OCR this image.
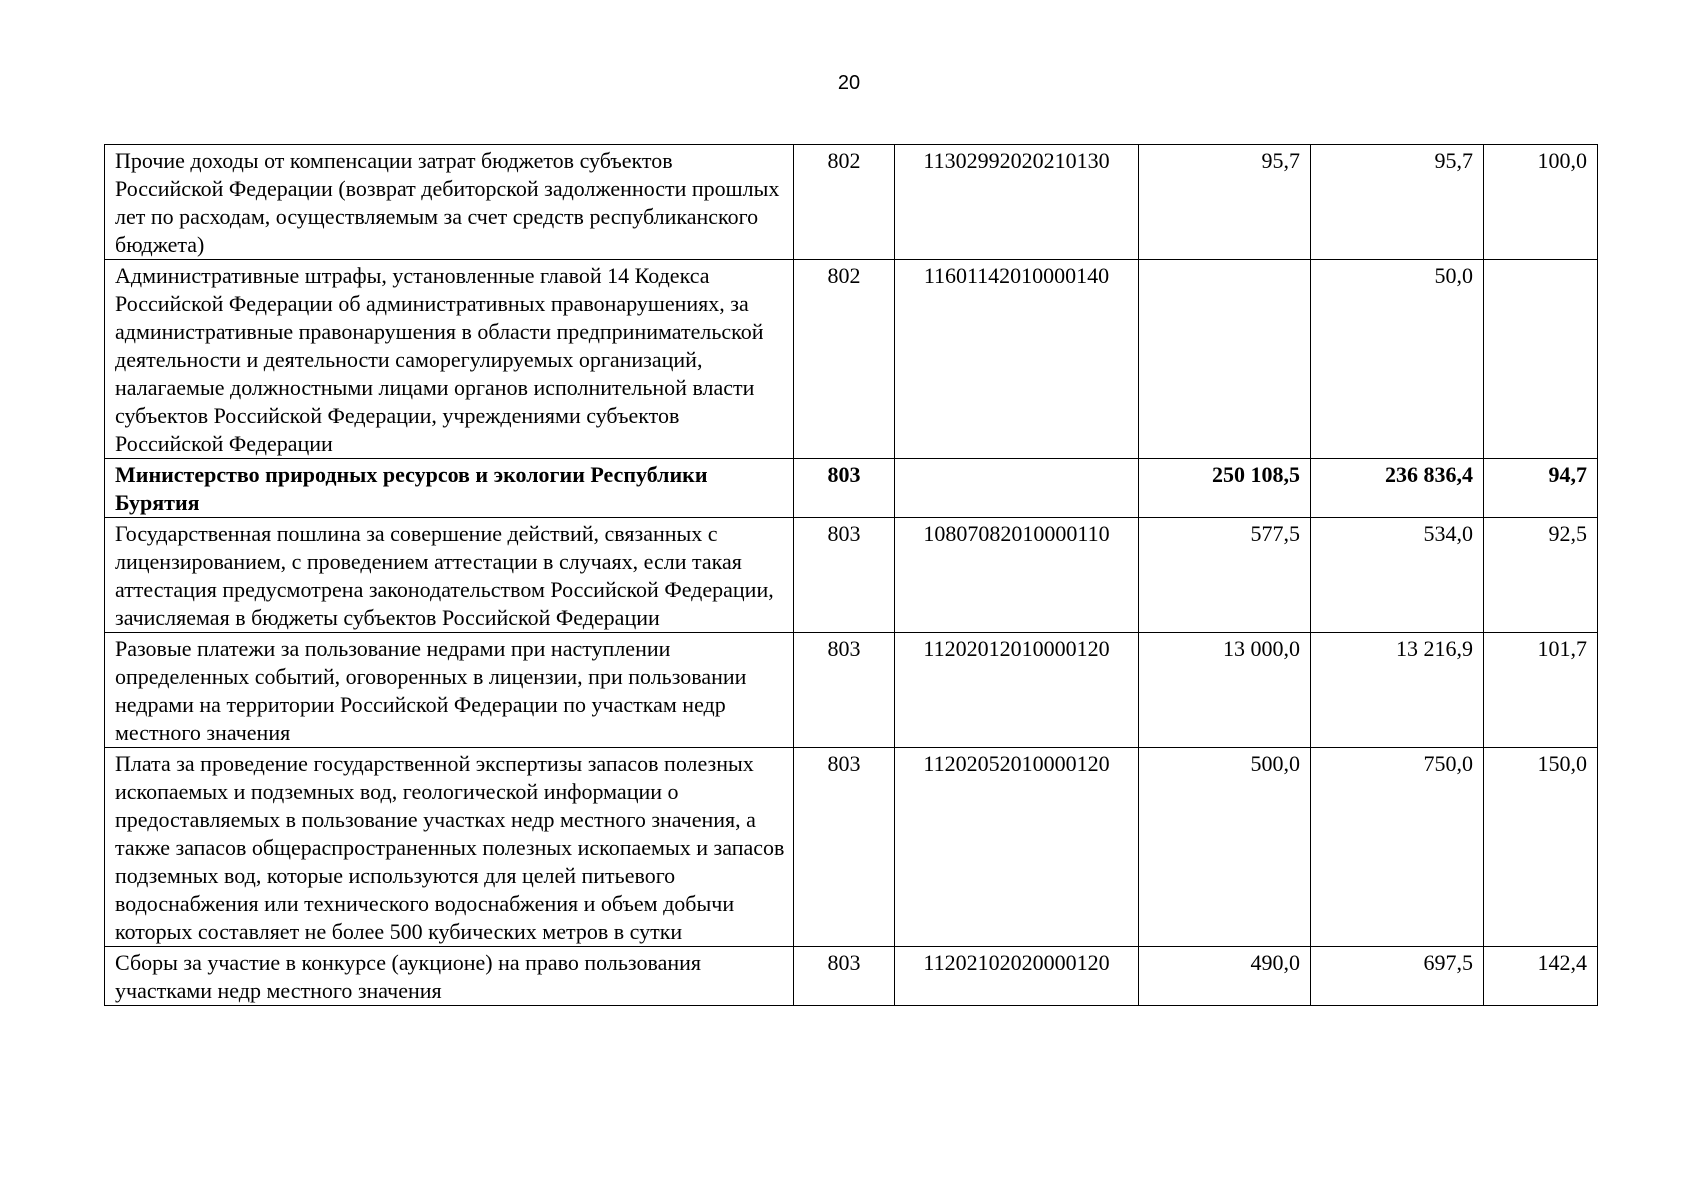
20
Прочие доходы от компенсации затрат бюджетов субъектов Российской Федерации (возврат дебиторской задолженности прошлых лет по расходам, осуществляемым за счет средств республиканского бюджета)	802	11302992020210130	95,7	95,7	100,0
Административные штрафы, установленные главой 14 Кодекса Российской Федерации об административных правонарушениях, за административные правонарушения в области предпринимательской деятельности и деятельности саморегулируемых организаций, налагаемые должностными лицами органов исполнительной власти субъектов Российской Федерации, учреждениями субъектов Российской Федерации	802	11601142010000140		50,0	
Министерство природных ресурсов и экологии Республики Бурятия	803		250 108,5	236 836,4	94,7
Государственная пошлина за совершение действий, связанных с лицензированием, с проведением аттестации в случаях, если такая аттестация предусмотрена законодательством Российской Федерации, зачисляемая в бюджеты субъектов Российской Федерации	803	10807082010000110	577,5	534,0	92,5
Разовые платежи за пользование недрами при наступлении определенных событий, оговоренных в лицензии, при пользовании недрами на территории Российской Федерации по участкам недр местного значения	803	11202012010000120	13 000,0	13 216,9	101,7
Плата за проведение государственной экспертизы запасов полезных ископаемых и подземных вод, геологической информации о предоставляемых в пользование участках недр местного значения, а также запасов общераспространенных полезных ископаемых и запасов подземных вод, которые используются для целей питьевого водоснабжения или технического водоснабжения и объем добычи которых составляет не более 500 кубических метров в сутки	803	11202052010000120	500,0	750,0	150,0
Сборы за участие в конкурсе (аукционе) на право пользования участками недр местного значения	803	11202102020000120	490,0	697,5	142,4
